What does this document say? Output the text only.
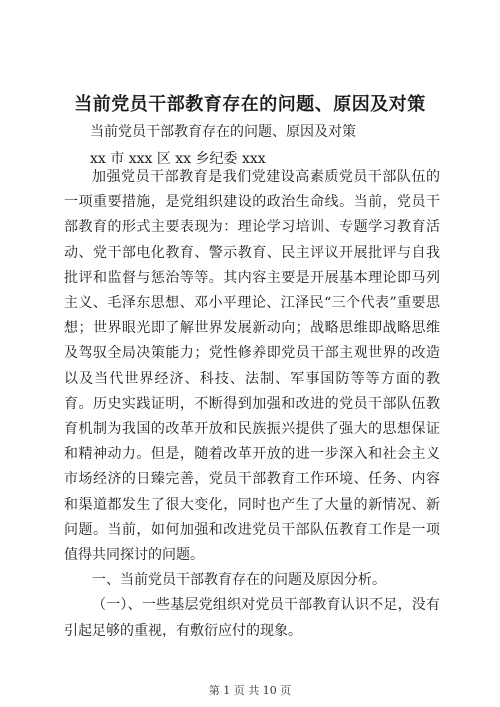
当前党员干部教育存在的问题、原因及对策
当前党员干部教育存在的问题、原因及对策
xx 市 xxx 区 xx 乡纪委 xxx

加强党员干部教育是我们党建设高素质党员干部队伍的一项重要措施，是党组织建设的政治生命线。当前，党员干部教育的形式主要表现为：理论学习培训、专题学习教育活动、党干部电化教育、警示教育、民主评议开展批评与自我批评和监督与惩治等等。其内容主要是开展基本理论即马列主义、毛泽东思想、邓小平理论、江泽民“三个代表”重要思想；世界眼光即了解世界发展新动向；战略思维即战略思维及驾驭全局决策能力；党性修养即党员干部主观世界的改造以及当代世界经济、科技、法制、军事国防等等方面的教育。历史实践证明，不断得到加强和改进的党员干部队伍教育机制为我国的改革开放和民族振兴提供了强大的思想保证和精神动力。但是，随着改革开放的进一步深入和社会主义市场经济的日臻完善，党员干部教育工作环境、任务、内容和渠道都发生了很大变化，同时也产生了大量的新情况、新问题。当前，如何加强和改进党员干部队伍教育工作是一项值得共同探讨的问题。

一、当前党员干部教育存在的问题及原因分析。

（一）、一些基层党组织对党员干部教育认识不足，没有引起足够的重视，有敷衍应付的现象。

第 1 页 共 10 页
